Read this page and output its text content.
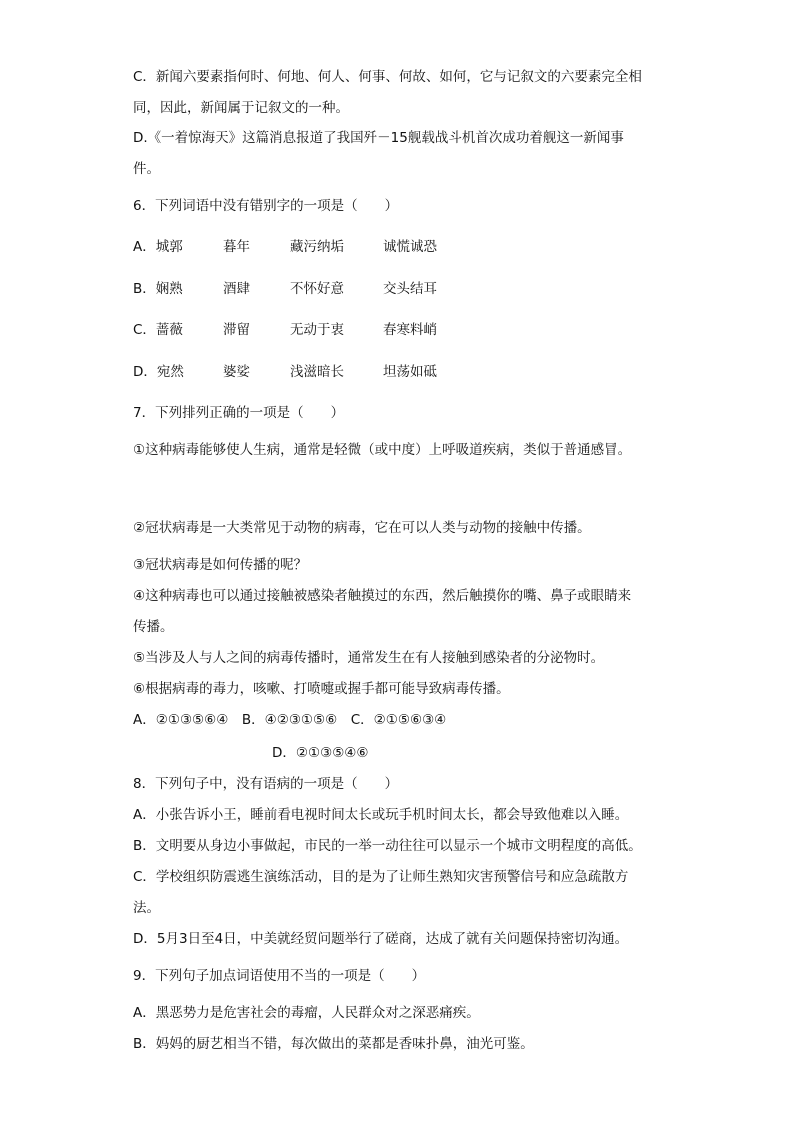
C．新闻六要素指何时、何地、何人、何事、何故、如何，它与记叙文的六要素完全相
同，因此，新闻属于记叙文的一种。
D.《一着惊海天》这篇消息报道了我国歼－15舰载战斗机首次成功着舰这一新闻事
件。
6．下列词语中没有错别字的一项是（　　）
A．城郭	暮年	藏污纳垢	诚慌诚恐
B．娴熟	酒肆	不怀好意	交头结耳
C．蔷薇	滞留	无动于衷	春寒料峭
D．宛然	婆娑	浅滋暗长	坦荡如砥
7．下列排列正确的一项是（　　）
①这种病毒能够使人生病，通常是轻微（或中度）上呼吸道疾病，类似于普通感冒。
②冠状病毒是一大类常见于动物的病毒，它在可以人类与动物的接触中传播。
③冠状病毒是如何传播的呢？
④这种病毒也可以通过接触被感染者触摸过的东西，然后触摸你的嘴、鼻子或眼睛来
传播。
⑤当涉及人与人之间的病毒传播时，通常发生在有人接触到感染者的分泌物时。
⑥根据病毒的毒力，咳嗽、打喷嚏或握手都可能导致病毒传播。
A．②①③⑤⑥④　B．④②③①⑤⑥　C．②①⑤⑥③④
D．②①③⑤④⑥
8．下列句子中，没有语病的一项是（　　）
A．小张告诉小王，睡前看电视时间太长或玩手机时间太长，都会导致他难以入睡。
B．文明要从身边小事做起，市民的一举一动往往可以显示一个城市文明程度的高低。
C．学校组织防震逃生演练活动，目的是为了让师生熟知灾害预警信号和应急疏散方
法。
D．5月3日至4日，中美就经贸问题举行了磋商，达成了就有关问题保持密切沟通。
9．下列句子加点词语使用不当的一项是（　　）
A．黑恶势力是危害社会的毒瘤，人民群众对之深恶痛疾。
B．妈妈的厨艺相当不错，每次做出的菜都是香味扑鼻，油光可鉴。
